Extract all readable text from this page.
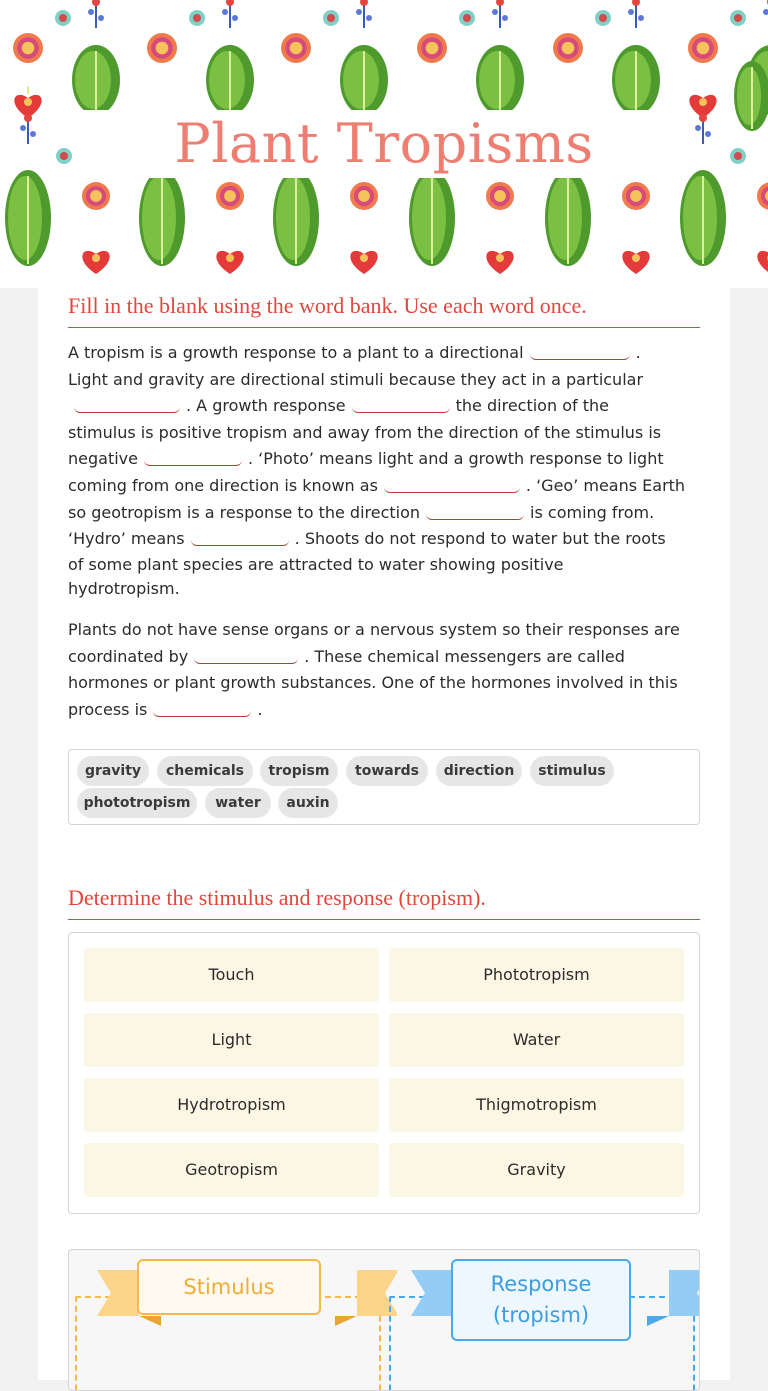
Plant Tropisms
Fill in the blank using the word bank. Use each word once.
A tropism is a growth response to a plant to a directional	.
Light and gravity are directional stimuli because they act in a particular
. A growth response	the direction of the
stimulus is positive tropism and away from the direction of the stimulus is
negative	. ‘Photo’ means light and a growth response to light
coming from one direction is known as	. ‘Geo’ means Earth
so geotropism is a response to the direction	is coming from.
‘Hydro’ means	. Shoots do not respond to water but the roots
of some plant species are attracted to water showing positive
hydrotropism.
Plants do not have sense organs or a nervous system so their responses are
coordinated by	. These chemical messengers are called
hormones or plant growth substances. One of the hormones involved in this
process is	.
gravity	chemicals	tropism	towards	direction	stimulus
phototropism	water	auxin
Determine the stimulus and response (tropism).
Touch	Phototropism
Light	Water
Hydrotropism	Thigmotropism
Geotropism	Gravity
Stimulus	Response
(tropism)
